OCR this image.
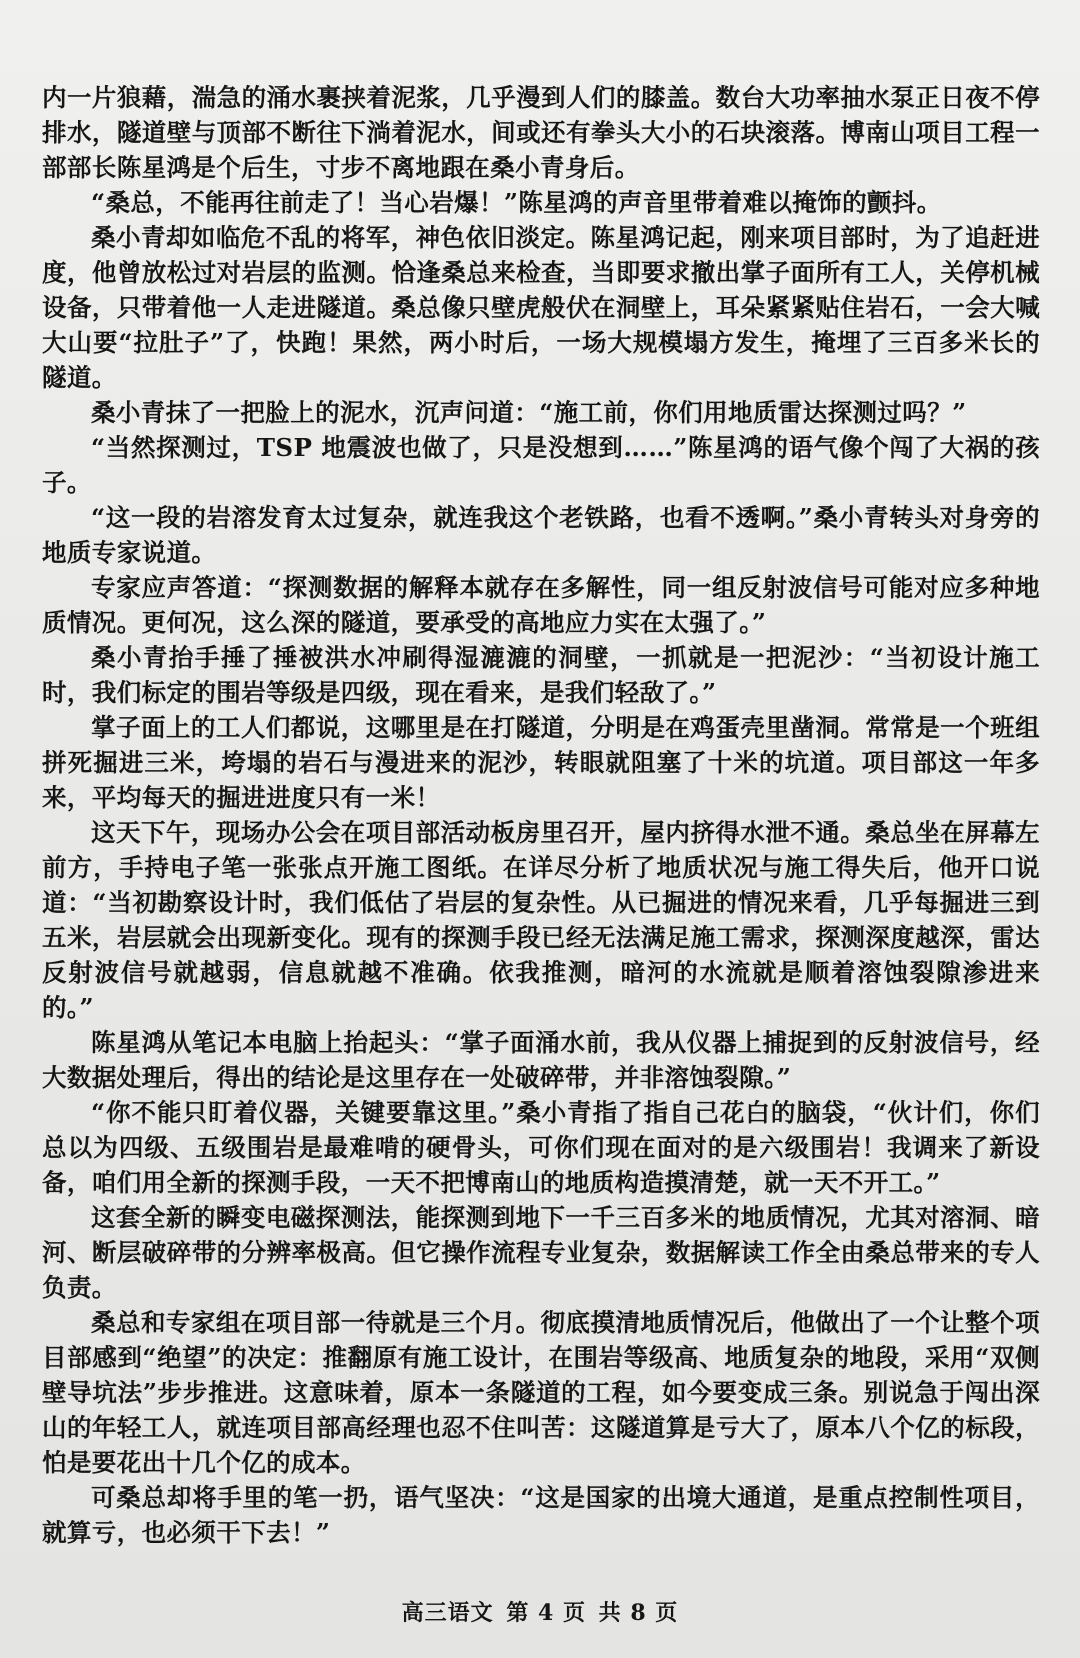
内一片狼藉，湍急的涌水裹挟着泥浆，几乎漫到人们的膝盖。数台大功率抽水泵正日夜不停排水，隧道壁与顶部不断往下淌着泥水，间或还有拳头大小的石块滚落。博南山项目工程一部部长陈星鸿是个后生，寸步不离地跟在桑小青身后。

“桑总，不能再往前走了！当心岩爆！”陈星鸿的声音里带着难以掩饰的颤抖。

桑小青却如临危不乱的将军，神色依旧淡定。陈星鸿记起，刚来项目部时，为了追赶进度，他曾放松过对岩层的监测。恰逢桑总来检查，当即要求撤出掌子面所有工人，关停机械设备，只带着他一人走进隧道。桑总像只壁虎般伏在洞壁上，耳朵紧紧贴住岩石，一会大喊大山要“拉肚子”了，快跑！果然，两小时后，一场大规模塌方发生，掩埋了三百多米长的隧道。

桑小青抹了一把脸上的泥水，沉声问道：“施工前，你们用地质雷达探测过吗？”

“当然探测过，TSP 地震波也做了，只是没想到……”陈星鸿的语气像个闯了大祸的孩子。

“这一段的岩溶发育太过复杂，就连我这个老铁路，也看不透啊。”桑小青转头对身旁的地质专家说道。

专家应声答道：“探测数据的解释本就存在多解性，同一组反射波信号可能对应多种地质情况。更何况，这么深的隧道，要承受的高地应力实在太强了。”

桑小青抬手捶了捶被洪水冲刷得湿漉漉的洞壁，一抓就是一把泥沙：“当初设计施工时，我们标定的围岩等级是四级，现在看来，是我们轻敌了。”

掌子面上的工人们都说，这哪里是在打隧道，分明是在鸡蛋壳里凿洞。常常是一个班组拼死掘进三米，垮塌的岩石与漫进来的泥沙，转眼就阻塞了十米的坑道。项目部这一年多来，平均每天的掘进进度只有一米！

这天下午，现场办公会在项目部活动板房里召开，屋内挤得水泄不通。桑总坐在屏幕左前方，手持电子笔一张张点开施工图纸。在详尽分析了地质状况与施工得失后，他开口说道：“当初勘察设计时，我们低估了岩层的复杂性。从已掘进的情况来看，几乎每掘进三到五米，岩层就会出现新变化。现有的探测手段已经无法满足施工需求，探测深度越深，雷达反射波信号就越弱，信息就越不准确。依我推测，暗河的水流就是顺着溶蚀裂隙渗进来的。”

陈星鸿从笔记本电脑上抬起头：“掌子面涌水前，我从仪器上捕捉到的反射波信号，经大数据处理后，得出的结论是这里存在一处破碎带，并非溶蚀裂隙。”

“你不能只盯着仪器，关键要靠这里。”桑小青指了指自己花白的脑袋，“伙计们，你们总以为四级、五级围岩是最难啃的硬骨头，可你们现在面对的是六级围岩！我调来了新设备，咱们用全新的探测手段，一天不把博南山的地质构造摸清楚，就一天不开工。”

这套全新的瞬变电磁探测法，能探测到地下一千三百多米的地质情况，尤其对溶洞、暗河、断层破碎带的分辨率极高。但它操作流程专业复杂，数据解读工作全由桑总带来的专人负责。

桑总和专家组在项目部一待就是三个月。彻底摸清地质情况后，他做出了一个让整个项目部感到“绝望”的决定：推翻原有施工设计，在围岩等级高、地质复杂的地段，采用“双侧壁导坑法”步步推进。这意味着，原本一条隧道的工程，如今要变成三条。别说急于闯出深山的年轻工人，就连项目部高经理也忍不住叫苦：这隧道算是亏大了，原本八个亿的标段，怕是要花出十几个亿的成本。

可桑总却将手里的笔一扔，语气坚决：“这是国家的出境大通道，是重点控制性项目，就算亏，也必须干下去！”

高三语文 第 4 页 共 8 页
